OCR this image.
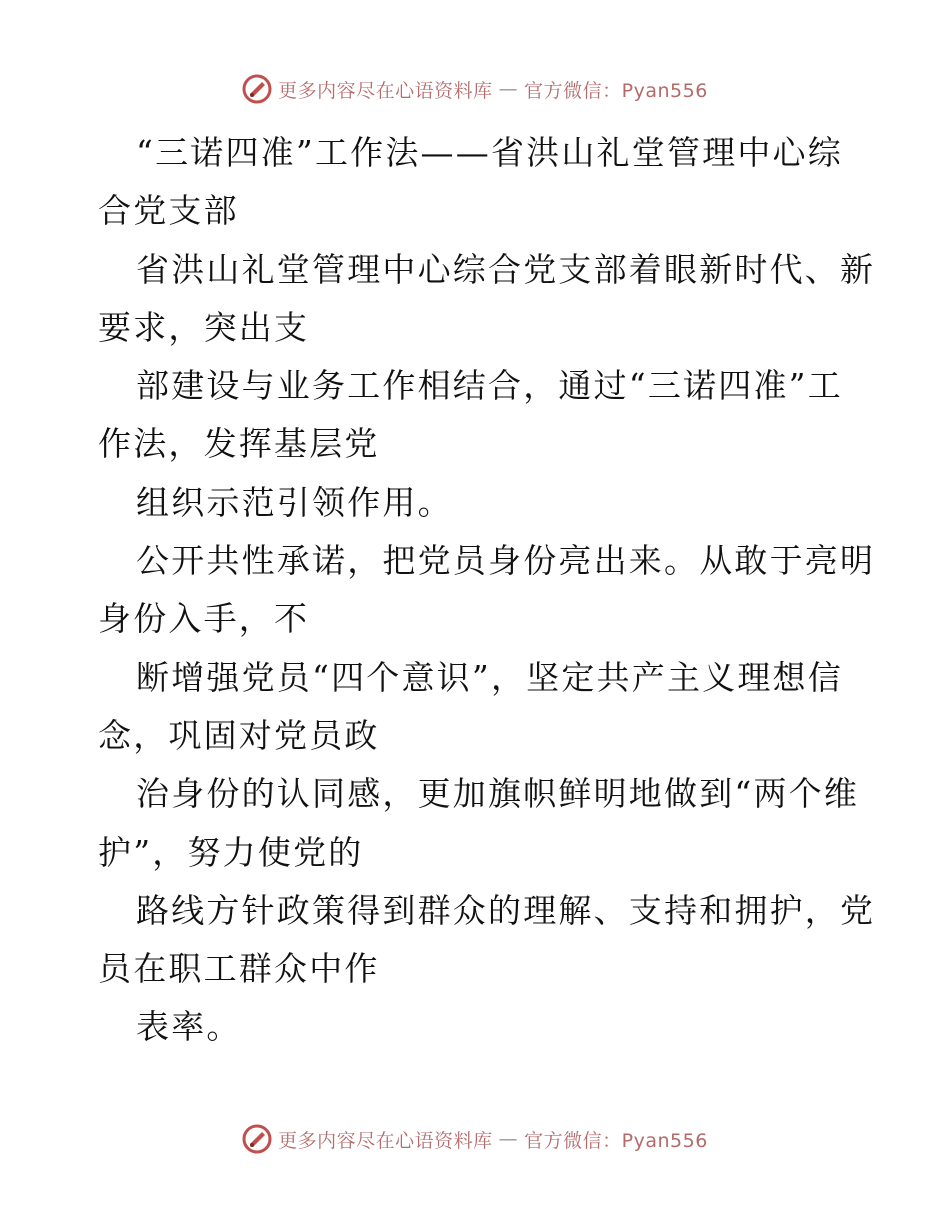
更多内容尽在心语资料库 — 官方微信：Pyan556
“三诺四准”工作法——省洪山礼堂管理中心综
合党支部
省洪山礼堂管理中心综合党支部着眼新时代、新
要求，突出支
部建设与业务工作相结合，通过“三诺四准”工
作法，发挥基层党
组织示范引领作用。
公开共性承诺，把党员身份亮出来。从敢于亮明
身份入手，不
断增强党员“四个意识”，坚定共产主义理想信
念，巩固对党员政
治身份的认同感，更加旗帜鲜明地做到“两个维
护”，努力使党的
路线方针政策得到群众的理解、支持和拥护，党
员在职工群众中作
表率。
更多内容尽在心语资料库 — 官方微信：Pyan556
